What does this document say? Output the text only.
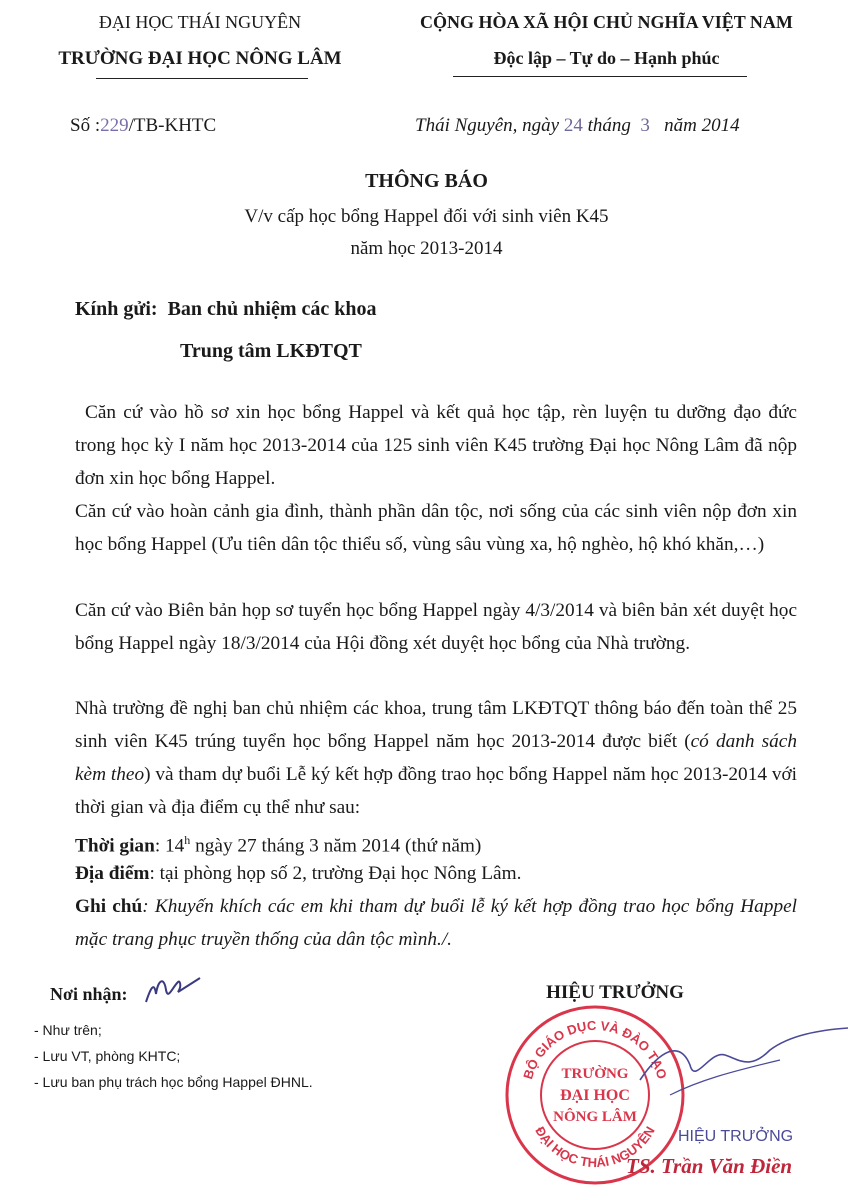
ĐẠI HỌC THÁI NGUYÊN
TRƯỜNG ĐẠI HỌC NÔNG LÂM
CỘNG HÒA XÃ HỘI CHỦ NGHĨA VIỆT NAM
Độc lập – Tự do – Hạnh phúc
Số :229/TB-KHTC	Thái Nguyên, ngày 24 tháng 3 năm 2014
THÔNG BÁO
V/v cấp học bổng Happel đối với sinh viên K45
năm học 2013-2014
Kính gửi: Ban chủ nhiệm các khoa
Trung tâm LKĐTQT

Căn cứ vào hồ sơ xin học bổng Happel và kết quả học tập, rèn luyện tu dưỡng đạo đức trong học kỳ I năm học 2013-2014 của 125 sinh viên K45 trường Đại học Nông Lâm đã nộp đơn xin học bổng Happel.

Căn cứ vào hoàn cảnh gia đình, thành phần dân tộc, nơi sống của các sinh viên nộp đơn xin học bổng Happel (Ưu tiên dân tộc thiểu số, vùng sâu vùng xa, hộ nghèo, hộ khó khăn,…)

Căn cứ vào Biên bản họp sơ tuyển học bổng Happel ngày 4/3/2014 và biên bản xét duyệt học bổng Happel ngày 18/3/2014 của Hội đồng xét duyệt học bổng của Nhà trường.

Nhà trường đề nghị ban chủ nhiệm các khoa, trung tâm LKĐTQT thông báo đến toàn thể 25 sinh viên K45 trúng tuyển học bổng Happel năm học 2013-2014 được biết (có danh sách kèm theo) và tham dự buổi Lễ ký kết hợp đồng trao học bổng Happel năm học 2013-2014 với thời gian và địa điểm cụ thể như sau:

Thời gian: 14$^h$ ngày 27 tháng 3 năm 2014 (thứ năm)
Địa điểm: tại phòng họp số 2, trường Đại học Nông Lâm.
Ghi chú: Khuyến khích các em khi tham dự buổi lễ ký kết hợp đồng trao học bổng Happel mặc trang phục truyền thống của dân tộc mình./.
Nơi nhận:
- Như trên;
- Lưu VT, phòng KHTC;
- Lưu ban phụ trách học bổng Happel ĐHNL.
HIỆU TRƯỞNG
BỘ GIÁO DỤC VÀ ĐÀO TẠO
ĐẠI HỌC THÁI NGUYÊN
TRƯỜNG
ĐẠI HỌC
NÔNG LÂM
HIỆU TRƯỞNG
TS. Trần Văn Điền
